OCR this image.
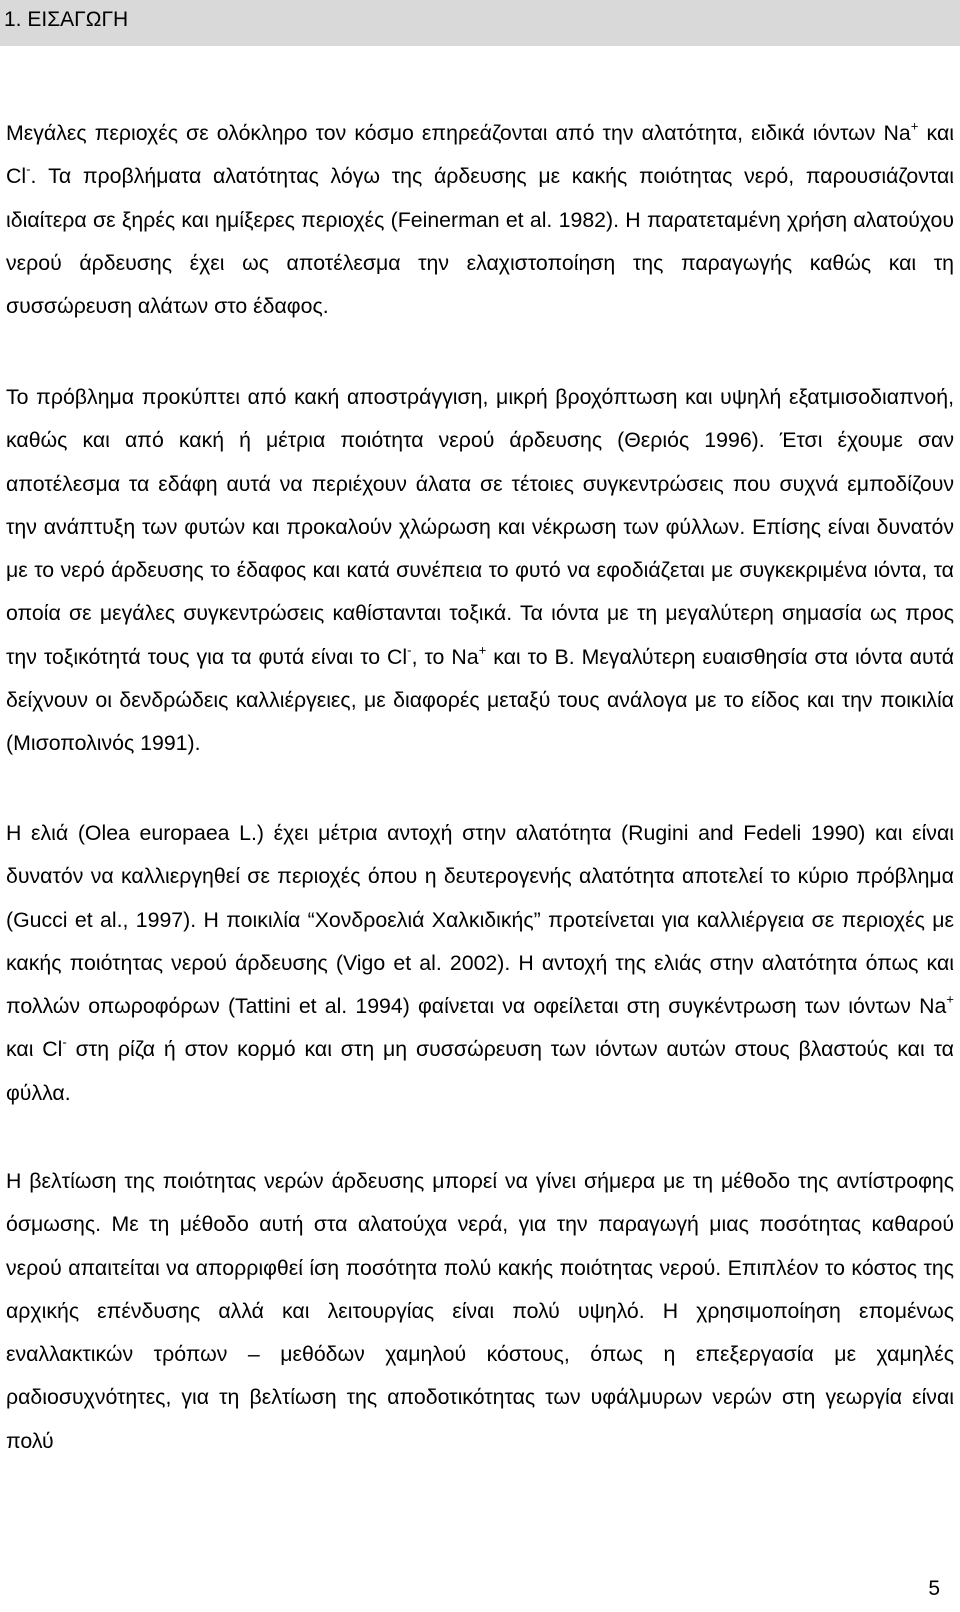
1. ΕΙΣΑΓΩΓΗ

Μεγάλες περιοχές σε ολόκληρο τον κόσμο επηρεάζονται από την αλατότητα, ειδικά ιόντων Na+ και Cl-. Τα προβλήματα αλατότητας λόγω της άρδευσης με κακής ποιότητας νερό, παρουσιάζονται ιδιαίτερα σε ξηρές και ημίξερες περιοχές (Feinerman et al. 1982). Η παρατεταμένη χρήση αλατούχου νερού άρδευσης έχει ως αποτέλεσμα την ελαχιστοποίηση της παραγωγής καθώς και τη συσσώρευση αλάτων στο έδαφος.

Το πρόβλημα προκύπτει από κακή αποστράγγιση, μικρή βροχόπτωση και υψηλή εξατμισοδιαπνοή, καθώς και από κακή ή μέτρια ποιότητα νερού άρδευσης (Θεριός 1996). Έτσι έχουμε σαν αποτέλεσμα τα εδάφη αυτά να περιέχουν άλατα σε τέτοιες συγκεντρώσεις που συχνά εμποδίζουν την ανάπτυξη των φυτών και προκαλούν χλώρωση και νέκρωση των φύλλων. Επίσης είναι δυνατόν με το νερό άρδευσης το έδαφος και κατά συνέπεια το φυτό να εφοδιάζεται με συγκεκριμένα ιόντα, τα οποία σε μεγάλες συγκεντρώσεις καθίστανται τοξικά. Τα ιόντα με τη μεγαλύτερη σημασία ως προς την τοξικότητά τους για τα φυτά είναι το Cl-, το Na+ και το B. Μεγαλύτερη ευαισθησία στα ιόντα αυτά δείχνουν οι δενδρώδεις καλλιέργειες, με διαφορές μεταξύ τους ανάλογα με το είδος και την ποικιλία (Μισοπολινός 1991).

Η ελιά (Olea europaea L.) έχει μέτρια αντοχή στην αλατότητα (Rugini and Fedeli 1990) και είναι δυνατόν να καλλιεργηθεί σε περιοχές όπου η δευτερογενής αλατότητα αποτελεί το κύριο πρόβλημα (Gucci et al., 1997). Η ποικιλία “Χονδροελιά Χαλκιδικής” προτείνεται για καλλιέργεια σε περιοχές με κακής ποιότητας νερού άρδευσης (Vigo et al. 2002). Η αντοχή της ελιάς στην αλατότητα όπως και πολλών οπωροφόρων (Tattini et al. 1994) φαίνεται να οφείλεται στη συγκέντρωση των ιόντων Na+ και Cl- στη ρίζα ή στον κορμό και στη μη συσσώρευση των ιόντων αυτών στους βλαστούς και τα φύλλα.

Η βελτίωση της ποιότητας νερών άρδευσης μπορεί να γίνει σήμερα με τη μέθοδο της αντίστροφης όσμωσης. Με τη μέθοδο αυτή στα αλατούχα νερά, για την παραγωγή μιας ποσότητας καθαρού νερού απαιτείται να απορριφθεί ίση ποσότητα πολύ κακής ποιότητας νερού. Επιπλέον το κόστος της αρχικής επένδυσης αλλά και λειτουργίας είναι πολύ υψηλό. Η χρησιμοποίηση επομένως εναλλακτικών τρόπων – μεθόδων χαμηλού κόστους, όπως η επεξεργασία με χαμηλές ραδιοσυχνότητες, για τη βελτίωση της αποδοτικότητας των υφάλμυρων νερών στη γεωργία είναι πολύ

5
